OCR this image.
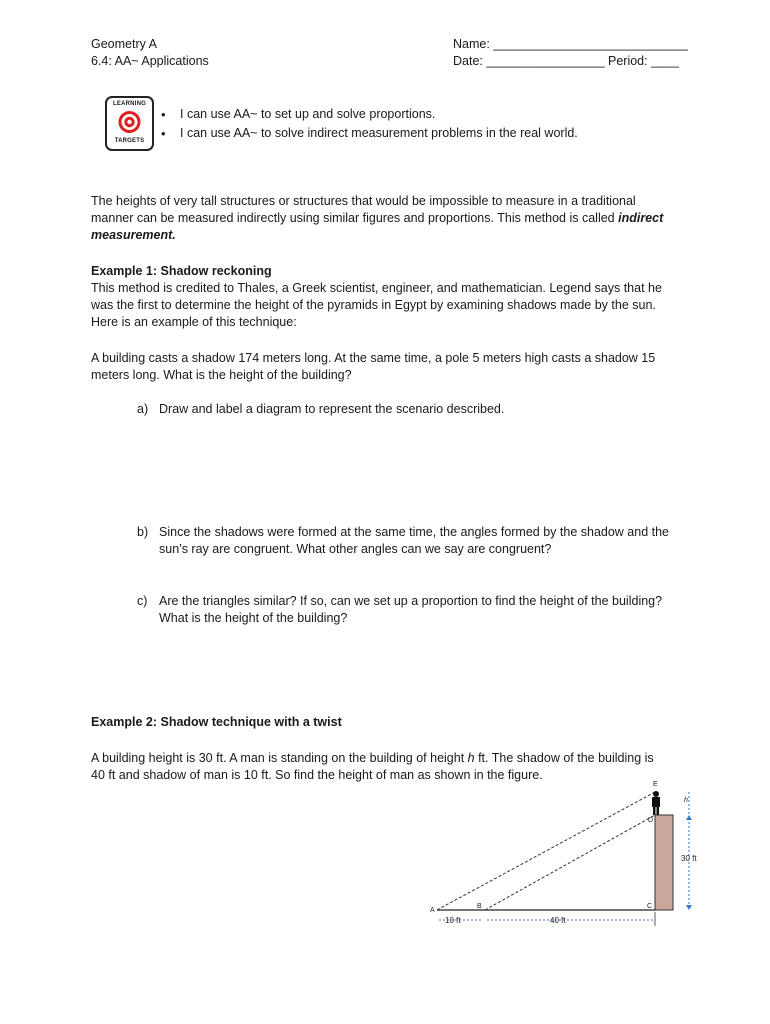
Geometry A
6.4: AA~ Applications
Name: ____________________________
Date: _________________ Period: ____
LEARNING
TARGETS
• I can use AA~ to set up and solve proportions.
• I can use AA~ to solve indirect measurement problems in the real world.
The heights of very tall structures or structures that would be impossible to measure in a traditional
manner can be measured indirectly using similar figures and proportions. This method is called indirect
measurement.
Example 1: Shadow reckoning
This method is credited to Thales, a Greek scientist, engineer, and mathematician. Legend says that he
was the first to determine the height of the pyramids in Egypt by examining shadows made by the sun.
Here is an example of this technique:
A building casts a shadow 174 meters long. At the same time, a pole 5 meters high casts a shadow 15
meters long. What is the height of the building?
a) Draw and label a diagram to represent the scenario described.
b) Since the shadows were formed at the same time, the angles formed by the shadow and the
sun’s ray are congruent. What other angles can we say are congruent?
c) Are the triangles similar? If so, can we set up a proportion to find the height of the building?
What is the height of the building?
Example 2: Shadow technique with a twist
A building height is 30 ft. A man is standing on the building of height h ft. The shadow of the building is
40 ft and shadow of man is 10 ft. So find the height of man as shown in the figure.
A
B	C
D
E
h
30 ft
10 ft	40 ft
